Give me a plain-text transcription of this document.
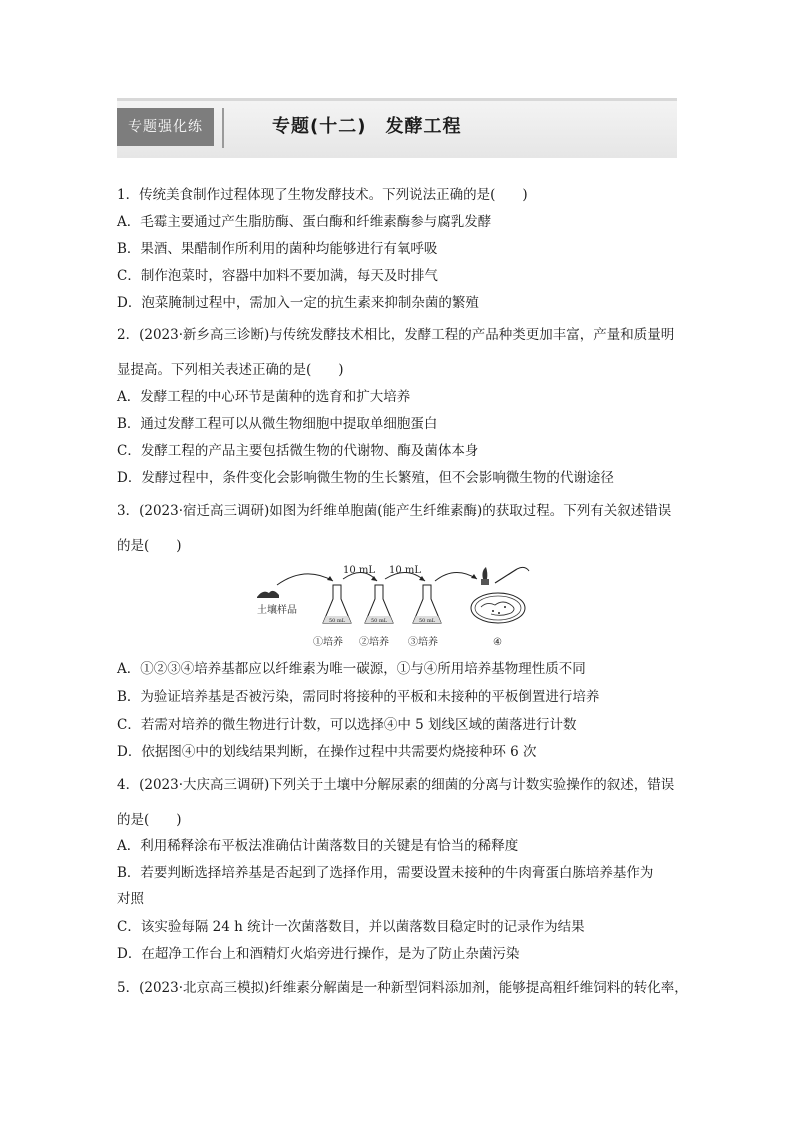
专题强化练	专题(十二)　发酵工程
1．传统美食制作过程体现了生物发酵技术。下列说法正确的是(　　)
A．毛霉主要通过产生脂肪酶、蛋白酶和纤维素酶参与腐乳发酵
B．果酒、果醋制作所利用的菌种均能够进行有氧呼吸
C．制作泡菜时，容器中加料不要加满，每天及时排气
D．泡菜腌制过程中，需加入一定的抗生素来抑制杂菌的繁殖
2．(2023·新乡高三诊断)与传统发酵技术相比，发酵工程的产品种类更加丰富，产量和质量明
显提高。下列相关表述正确的是(　　)
A．发酵工程的中心环节是菌种的选育和扩大培养
B．通过发酵工程可以从微生物细胞中提取单细胞蛋白
C．发酵工程的产品主要包括微生物的代谢物、酶及菌体本身
D．发酵过程中，条件变化会影响微生物的生长繁殖，但不会影响微生物的代谢途径
3．(2023·宿迁高三调研)如图为纤维单胞菌(能产生纤维素酶)的获取过程。下列有关叙述错误
的是(　　)
土壤样品
10 mL 10 mL
50 mL	50 mL	50 mL
①培养 ②培养 ③培养	④
A．①②③④培养基都应以纤维素为唯一碳源，①与④所用培养基物理性质不同
B．为验证培养基是否被污染，需同时将接种的平板和未接种的平板倒置进行培养
C．若需对培养的微生物进行计数，可以选择④中 5 划线区域的菌落进行计数
D．依据图④中的划线结果判断，在操作过程中共需要灼烧接种环 6 次
4．(2023·大庆高三调研)下列关于土壤中分解尿素的细菌的分离与计数实验操作的叙述，错误
的是(　　)
A．利用稀释涂布平板法准确估计菌落数目的关键是有恰当的稀释度
B．若要判断选择培养基是否起到了选择作用，需要设置未接种的牛肉膏蛋白胨培养基作为
对照
C．该实验每隔 24 h 统计一次菌落数目，并以菌落数目稳定时的记录作为结果
D．在超净工作台上和酒精灯火焰旁进行操作，是为了防止杂菌污染
5．(2023·北京高三模拟)纤维素分解菌是一种新型饲料添加剂，能够提高粗纤维饲料的转化率，
